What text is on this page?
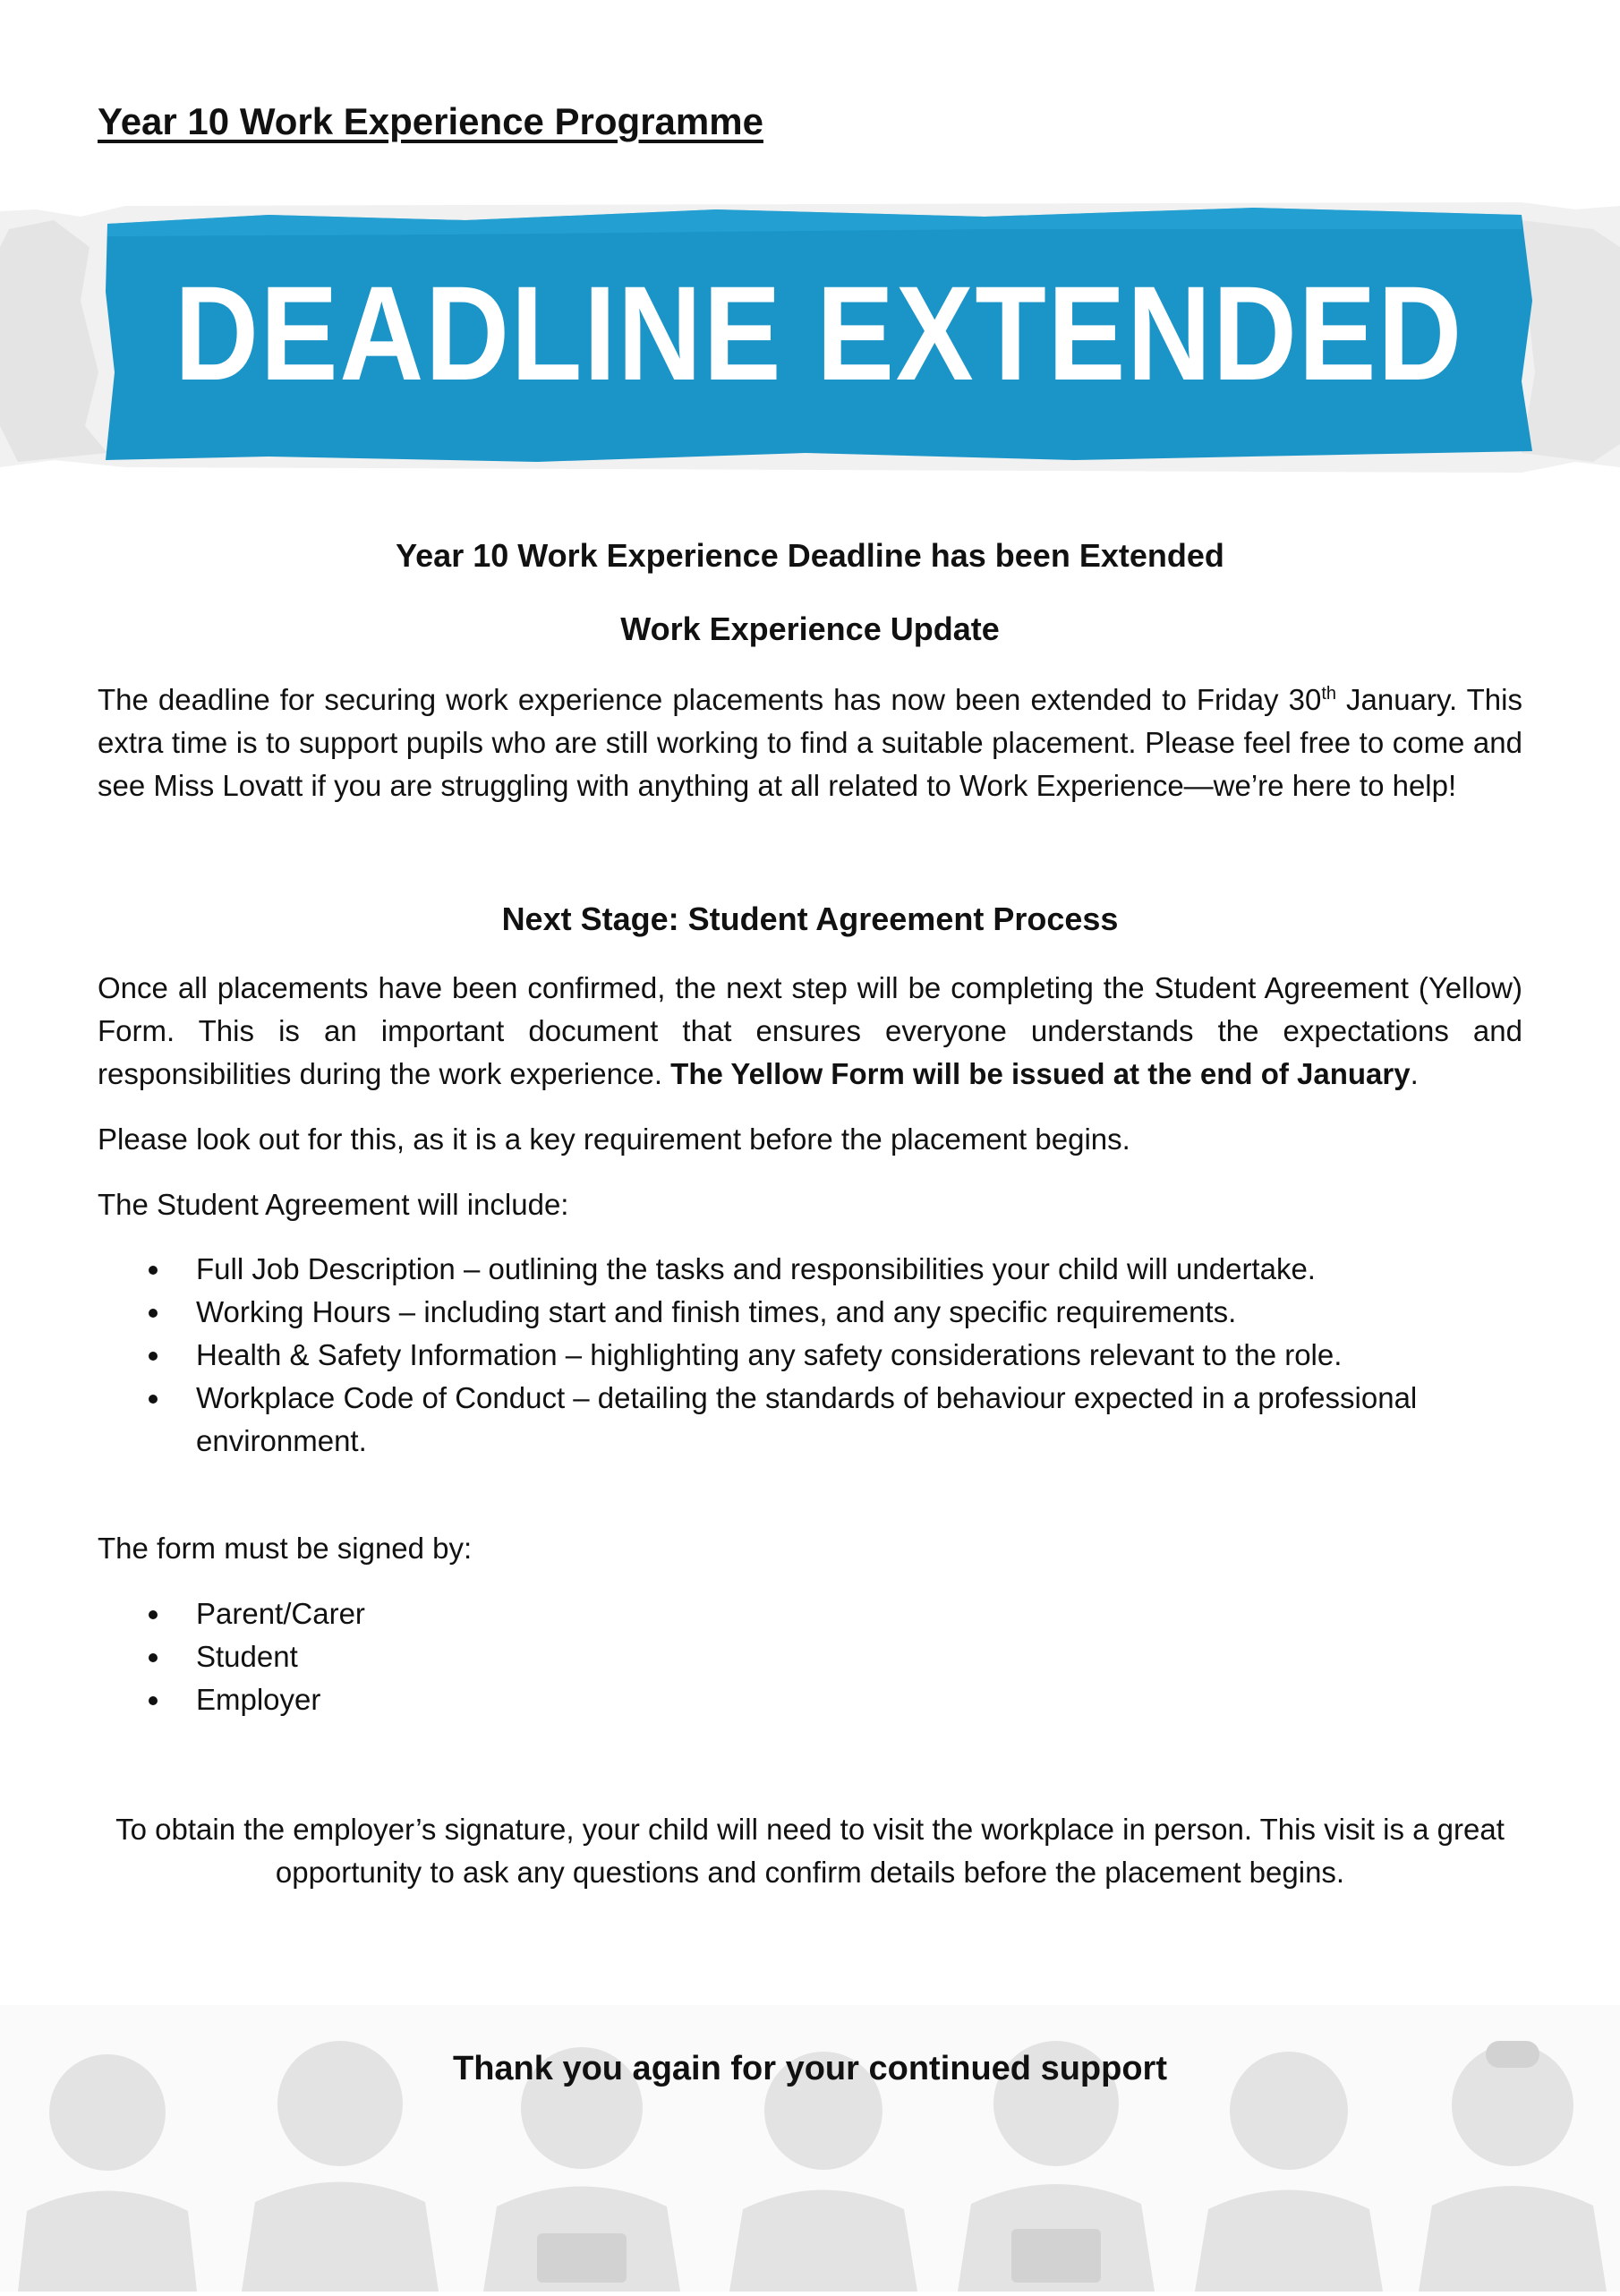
Year 10 Work Experience Programme
DEADLINE EXTENDED
Year 10 Work Experience Deadline has been Extended
Work Experience Update

The deadline for securing work experience placements has now been extended to Friday 30th January. This extra time is to support pupils who are still working to find a suitable placement. Please feel free to come and see Miss Lovatt if you are struggling with anything at all related to Work Experience—we’re here to help!

Next Stage: Student Agreement Process

Once all placements have been confirmed, the next step will be completing the Student Agreement (Yellow) Form. This is an important document that ensures everyone understands the expectations and responsibilities during the work experience. The Yellow Form will be issued at the end of January.

Please look out for this, as it is a key requirement before the placement begins.

The Student Agreement will include:

Full Job Description – outlining the tasks and responsibilities your child will undertake.
Working Hours – including start and finish times, and any specific requirements.
Health & Safety Information – highlighting any safety considerations relevant to the role.
Workplace Code of Conduct – detailing the standards of behaviour expected in a professional environment.

The form must be signed by:

Parent/Carer
Student
Employer

To obtain the employer’s signature, your child will need to visit the workplace in person. This visit is a great opportunity to ask any questions and confirm details before the placement begins.

Thank you again for your continued support
